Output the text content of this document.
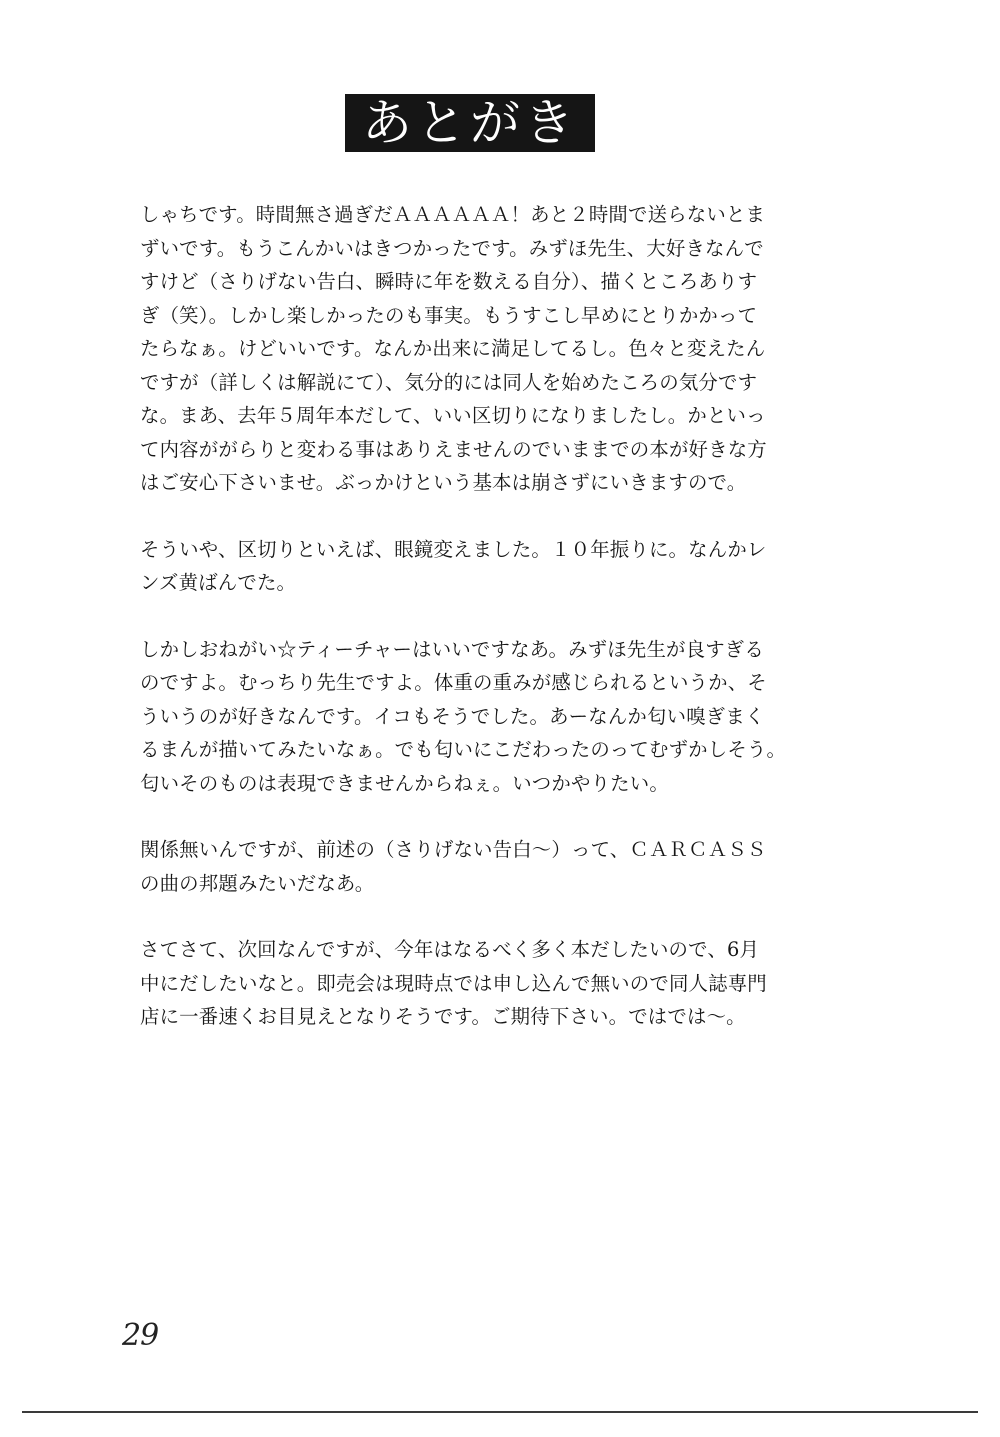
あとがき
しゃちです。時間無さ過ぎだＡＡＡＡＡＡ！あと２時間で送らないとま
ずいです。もうこんかいはきつかったです。みずほ先生、大好きなんで
すけど（さりげない告白、瞬時に年を数える自分）、描くところありす
ぎ（笑）。しかし楽しかったのも事実。もうすこし早めにとりかかって
たらなぁ。けどいいです。なんか出来に満足してるし。色々と変えたん
ですが（詳しくは解説にて）、気分的には同人を始めたころの気分です
な。まあ、去年５周年本だして、いい区切りになりましたし。かといっ
て内容ががらりと変わる事はありえませんのでいままでの本が好きな方
はご安心下さいませ。ぶっかけという基本は崩さずにいきますので。
そういや、区切りといえば、眼鏡変えました。１０年振りに。なんかレ
ンズ黄ばんでた。
しかしおねがい☆ティーチャーはいいですなあ。みずほ先生が良すぎる
のですよ。むっちり先生ですよ。体重の重みが感じられるというか、そ
ういうのが好きなんです。イコもそうでした。あーなんか匂い嗅ぎまく
るまんが描いてみたいなぁ。でも匂いにこだわったのってむずかしそう。
匂いそのものは表現できませんからねぇ。いつかやりたい。
関係無いんですが、前述の（さりげない告白～）って、ＣＡＲＣＡＳＳ
の曲の邦題みたいだなあ。
さてさて、次回なんですが、今年はなるべく多く本だしたいので、6月
中にだしたいなと。即売会は現時点では申し込んで無いので同人誌専門
店に一番速くお目見えとなりそうです。ご期待下さい。ではでは～。
29
